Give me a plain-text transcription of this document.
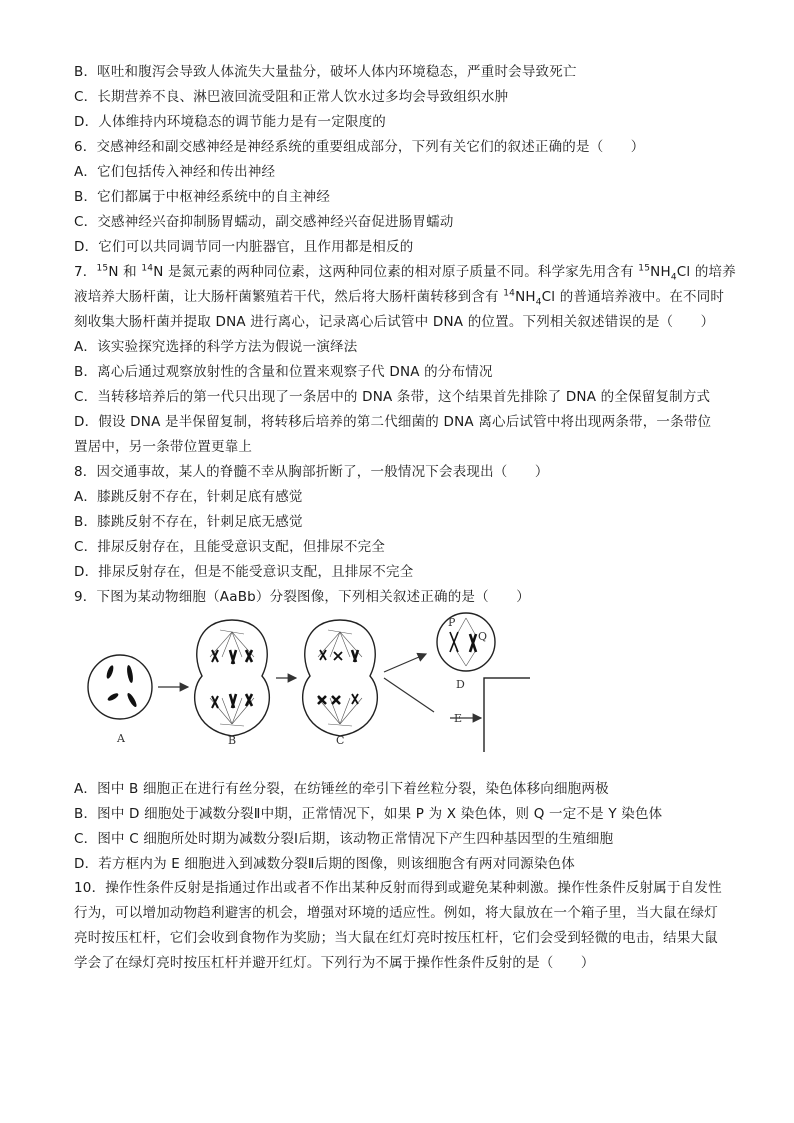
B．呕吐和腹泻会导致人体流失大量盐分，破坏人体内环境稳态，严重时会导致死亡
C．长期营养不良、淋巴液回流受阻和正常人饮水过多均会导致组织水肿
D．人体维持内环境稳态的调节能力是有一定限度的
6．交感神经和副交感神经是神经系统的重要组成部分，下列有关它们的叙述正确的是（　　）
A．它们包括传入神经和传出神经
B．它们都属于中枢神经系统中的自主神经
C．交感神经兴奋抑制肠胃蠕动，副交感神经兴奋促进肠胃蠕动
D．它们可以共同调节同一内脏器官，且作用都是相反的
7．$^{15}$N 和 $^{14}$N 是氮元素的两种同位素，这两种同位素的相对原子质量不同。科学家先用含有 $^{15}NH_4Cl$ 的培养
液培养大肠杆菌，让大肠杆菌繁殖若干代，然后将大肠杆菌转移到含有 $^{14}NH_4Cl$ 的普通培养液中。在不同时
刻收集大肠杆菌并提取 DNA 进行离心，记录离心后试管中 DNA 的位置。下列相关叙述错误的是（　　）
A．该实验探究选择的科学方法为假说一演绎法
B．离心后通过观察放射性的含量和位置来观察子代 DNA 的分布情况
C．当转移培养后的第一代只出现了一条居中的 DNA 条带，这个结果首先排除了 DNA 的全保留复制方式
D．假设 DNA 是半保留复制，将转移后培养的第二代细菌的 DNA 离心后试管中将出现两条带，一条带位
置居中，另一条带位置更靠上
8．因交通事故，某人的脊髓不幸从胸部折断了，一般情况下会表现出（　　）
A．膝跳反射不存在，针刺足底有感觉
B．膝跳反射不存在，针刺足底无感觉
C．排尿反射存在，且能受意识支配，但排尿不完全
D．排尿反射存在，但是不能受意识支配，且排尿不完全
9．下图为某动物细胞（AaBb）分裂图像，下列相关叙述正确的是（　　）
A	B	C
P
Q
D
E
A．图中 B 细胞正在进行有丝分裂，在纺锤丝的牵引下着丝粒分裂，染色体移向细胞两极
B．图中 D 细胞处于减数分裂Ⅱ中期，正常情况下，如果 P 为 X 染色体，则 Q 一定不是 Y 染色体
C．图中 C 细胞所处时期为减数分裂Ⅰ后期，该动物正常情况下产生四种基因型的生殖细胞
D．若方框内为 E 细胞进入到减数分裂Ⅱ后期的图像，则该细胞含有两对同源染色体
10．操作性条件反射是指通过作出或者不作出某种反射而得到或避免某种刺激。操作性条件反射属于自发性行为，可以增加动物趋利避害的机会，增强对环境的适应性。例如，将大鼠放在一个箱子里，当大鼠在绿灯亮时按压杠杆，它们会收到食物作为奖励；当大鼠在红灯亮时按压杠杆，它们会受到轻微的电击，结果大鼠学会了在绿灯亮时按压杠杆并避开红灯。下列行为不属于操作性条件反射的是（　　）
